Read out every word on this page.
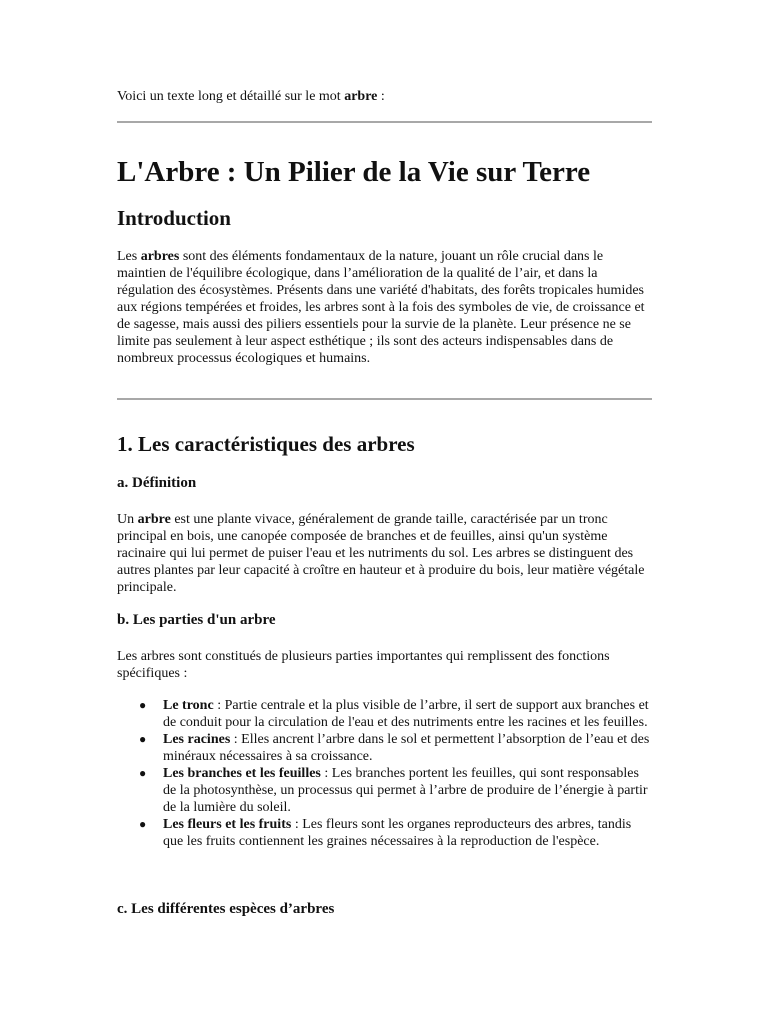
Voici un texte long et détaillé sur le mot arbre :
L'Arbre : Un Pilier de la Vie sur Terre
Introduction

Les arbres sont des éléments fondamentaux de la nature, jouant un rôle crucial dans le maintien de l'équilibre écologique, dans l’amélioration de la qualité de l’air, et dans la régulation des écosystèmes. Présents dans une variété d'habitats, des forêts tropicales humides aux régions tempérées et froides, les arbres sont à la fois des symboles de vie, de croissance et de sagesse, mais aussi des piliers essentiels pour la survie de la planète. Leur présence ne se limite pas seulement à leur aspect esthétique ; ils sont des acteurs indispensables dans de nombreux processus écologiques et humains.

1. Les caractéristiques des arbres
a. Définition

Un arbre est une plante vivace, généralement de grande taille, caractérisée par un tronc principal en bois, une canopée composée de branches et de feuilles, ainsi qu'un système racinaire qui lui permet de puiser l'eau et les nutriments du sol. Les arbres se distinguent des autres plantes par leur capacité à croître en hauteur et à produire du bois, leur matière végétale principale.

b. Les parties d'un arbre

Les arbres sont constitués de plusieurs parties importantes qui remplissent des fonctions spécifiques :

● Le tronc : Partie centrale et la plus visible de l’arbre, il sert de support aux branches et de conduit pour la circulation de l'eau et des nutriments entre les racines et les feuilles.
● Les racines : Elles ancrent l’arbre dans le sol et permettent l’absorption de l’eau et des minéraux nécessaires à sa croissance.
● Les branches et les feuilles : Les branches portent les feuilles, qui sont responsables de la photosynthèse, un processus qui permet à l’arbre de produire de l’énergie à partir de la lumière du soleil.
● Les fleurs et les fruits : Les fleurs sont les organes reproducteurs des arbres, tandis que les fruits contiennent les graines nécessaires à la reproduction de l'espèce.
c. Les différentes espèces d’arbres
